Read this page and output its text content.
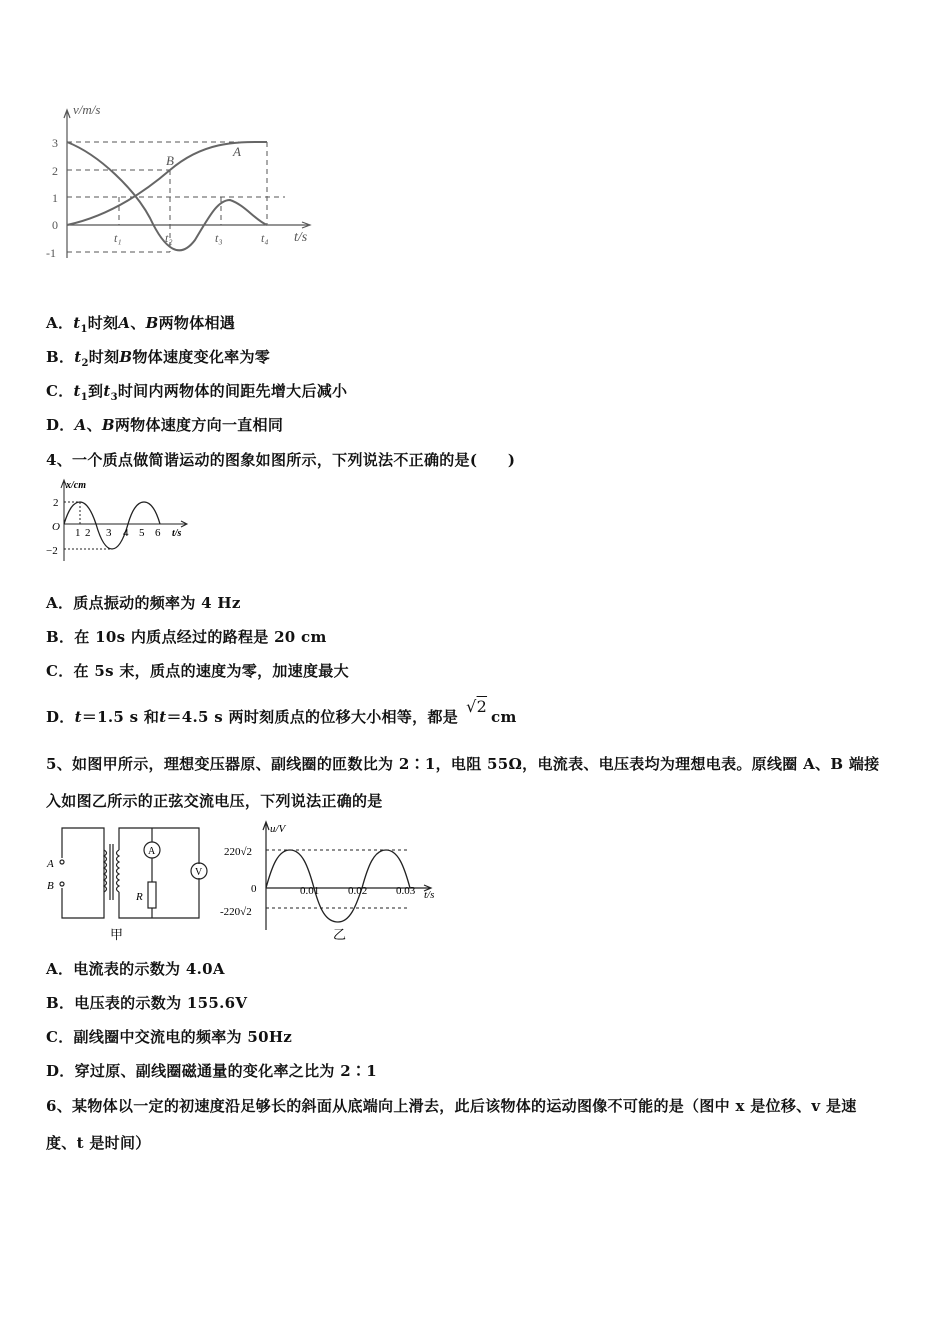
v/m/s
3
2
1
0
-1
t₁	t₂	t₃	t₄ t/s
B
A
A．$t_1$时刻A、B两物体相遇
B．$t_2$时刻B物体速度变化率为零
C．$t_1$到$t_3$时间内两物体的间距先增大后减小
D．A、B两物体速度方向一直相同
4、一个质点做简谐运动的图象如图所示，下列说法不正确的是(　　)
x/cm
2
O
−2
1 2 3 4 5 6 t/s
A．质点振动的频率为 4 Hz
B．在 10s 内质点经过的路程是 20 cm
C．在 5s 末，质点的速度为零，加速度最大
D．t＝1.5 s 和t＝4.5 s 两时刻质点的位移大小相等，都是√2cm
5、如图甲所示，理想变压器原、副线圈的匝数比为 2∶1，电阻 55Ω，电流表、电压表均为理想电表。原线圈 A、B 端接
入如图乙所示的正弦交流电压，下列说法正确的是
A
B
A
V
R
甲
u/V
220√2
0
-220√2
0.01	0.02	0.03 t/s
乙
A．电流表的示数为 4.0A
B．电压表的示数为 155.6V
C．副线圈中交流电的频率为 50Hz
D．穿过原、副线圈磁通量的变化率之比为 2∶1
6、某物体以一定的初速度沿足够长的斜面从底端向上滑去，此后该物体的运动图像不可能的是（图中 x 是位移、v 是速
度、t 是时间）
